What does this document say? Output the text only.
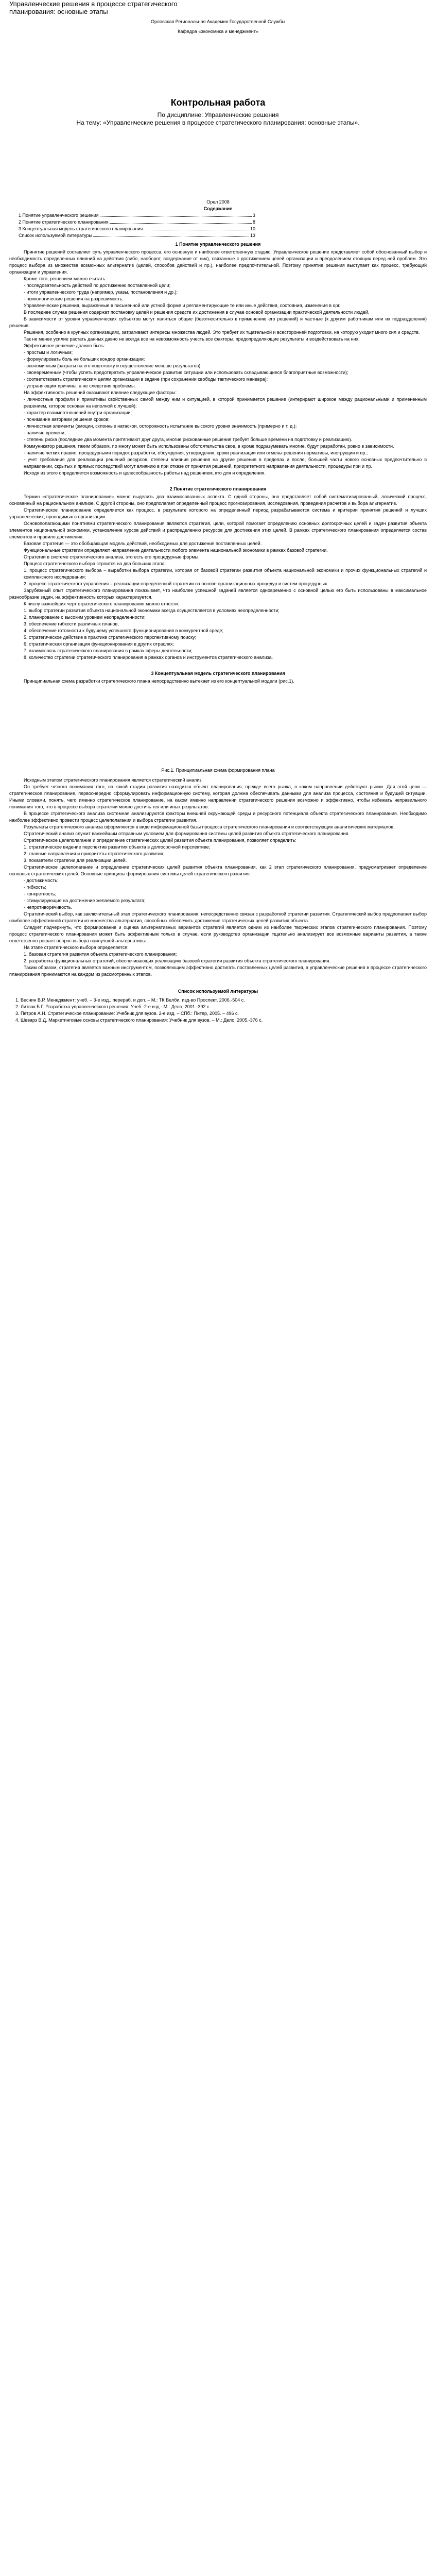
Управленческие решения в процессе стратегического
планирования: основные этапы

Орловская Региональная Академия Государственной Службы

Кафедра «экономика и менеджмент»

Контрольная работа

По дисциплине: Управленческие решения

На тему: «Управленческие решения в процессе стратегического планирования: основные этапы».

Орел 2008

Содержание

1 Понятие управленческого решения	3
2 Понятие стратегического планирования	8
3 Концептуальная модель стратегического планирования	10
Список используемой литературы	13

1 Понятие управленческого решения

Принятие решений составляет суть управленческого процесса, его основную и наиболее ответственную стадию. Управленческое решение представляет собой обоснованный выбор и необходимость определенных влияний на действия (либо, наоборот, воздержание от них), связанные с достижением целей организации и преодолением стоящих перед ней проблем. Это процесс выбора из множества возможных альтернатив (целей, способов действий и пр.), наиболее предпочтительной. Поэтому принятие решения выступает как процесс, требующий организации и управления.

Кроме того, решением можно считать:

- последовательность действий по достижению поставленной цели;

- итоги управленческого труда (например, указы, постановления и др.);

- психологические решения на разрешимость.

Управленческие решения, выраженные в письменной или устной форме и регламентирующие те или иные действия, состояния, изменения в орг.

В последнее случае решения содержат постановку целей и решения средств их достижения в случае основой организации практической деятельности людей.

В зависимости от уровня управленческих субъектов могут являться общие (безотносительно к применению его решений) и частные (к другим работникам или их подразделения) решения.

Решения, особенно в крупных организациях, затрагивают интересы множества людей. Это требует их тщательной и всесторонней подготовки, на которую уходит много сил и средств.

Так не менее усилие растать данных давно не всегда все на невозможность учесть все факторы, предопределяющие результаты и воздействовать на них.

Эффективное решение должно быть:

- простым и логичным;

- формулировать боль не больших кондор организации;

- экономичным (затраты на его подготовку и осуществление меньше результатов);

- своевременным (чтобы успеть предотвратить управленческое развитие ситуации или использовать складывающиеся благоприятные возможности);

- соответствовать стратегическим целям организации в задаче (при сохранении свободы тактического маневра);

- устраняющим причины, а не следствия проблемы.

На эффективность решений оказывают влияние следующие факторы:

- личностные профили и примитивы свойственных самой между ним и ситуацией, в которой принимается решение (интерирают широкое между рациональными и примененным решением, которое основан на неполной с лучшей);

- характер взаимоотношений внутри организации;

- понимание авторами решения сроков;

- личностная элементы (эмоции, склонные натаскои, осторожность испытание высокого уровня значимость (примерно и т. д.);

- наличие времени;

- степень риска (последние два момента притягивают друг друга, многие рискованные решения требует больше времени на подготовку и реализацию).

Коммуникатор решения, таким образом, по многу может быть использованы обстоятельства свое, в кроме подразумевать многие, будут разработан, ровно в зависимости.

- наличие четких правил, процедурными порядок разработки, обсуждения, утверждения, сроки реализации или отмены решения нормативы, инструкции и пр.;

- учет требования для реализации решений ресурсов, степени влияния решения на другие решения в пределах и после, большей части нового основных предпочтительно в направлении, скрытых и прямых последствий могут влиянию в при отказе от принятия решений, приоритетного направления деятельности, процедуры при и пр.

Исходя из этого определяется возможность и целесообразность работы над решением, кто для и определения.

2 Понятие стратегического планирования

Термин «стратегическое планирование» можно выделить два взаимосвязанных аспекта. С одной стороны, оно представляет собой систематизированный, логический процесс, основанный на рациональном анализе. С другой стороны, оно предполагает определенный процесс прогнозирования, исследования, проведения расчетов и выбора альтернатив.

Стратегическое планирование определяется как процесс, в результате которого на определенный период разрабатываются система и критерии принятия решений и лучших управленческих, проводимых в организации.

Основополагающими понятиями стратегического планирования являются стратегия, цели, которой помогает определению основных долгосрочных целей и задач развития объекта элементов национальной экономики, установление курсов действий и распределению ресурсов для достижения этих целей. В рамках стратегического планирования определяется состав элементов и правило достижения.

Базовая стратегия — это обобщающая модель действий, необходимых для достижения поставленных целей.

Функциональные стратегии определяют направление деятельности любого элемента национальной экономики в рамках базовой стратегии.

Стратегии в системе стратегического анализа, это есть его процедурные формы.

Процесс стратегического выбора строится на два больших этапа:

1. процесс стратегического выбора – выработки выбора стратегии, которая от базовой стратегии развития объекта национальной экономики и прочих функциональных стратегий и комплексного исследования;

2. процесс стратегического управления – реализации определенной стратегии на основе организационных процедур и систем процедурных.

Зарубежный опыт стратегического планирования показывает, что наиболее успешной задачей является одновременно с основной целью его быть использованы в максимальное разнообразие задач, на эффективность которых характеризуется.

К числу важнейших черт стратегического планирования можно отнести:

1. выбор стратегии развития объекта национальной экономики всегда осуществляется в условиях неопределенности;

2. планирование с высоким уровнем неопределенности;

3. обеспечение гибкости различных планов;

4. обеспечение готовности к будущему успешного функционирования в конкурентной среде;

5. стратегическое действие в практике стратегического перспективному поиску;

6. стратегическая организация функционирования в других отраслях;

7. взаимосвязь стратегического планирования в рамках сферы деятельности;

8. количество стратегии стратегического планирования в рамках органов и инструментов стратегического анализа.

3 Концептуальная модель стратегического планирования

Принципиальная схема разработки стратегического плана непосредственно вытекает из его концептуальной модели (рис.1).

Рис.1. Принципиальная схема формирования плана

Исходным этапом стратегического планирования является стратегический анализ.

Он требует четкого понимания того, на какой стадии развития находится объект планирования, прежде всего рынка, в каком направлении действуют рынки. Для этой цели — стратегическое планирование, первоочередно сформулировать информационную систему, которая должна обеспечивать данными для анализа процесса, состояния и будущей ситуации. Иными словами, понять, чего именно стратегическое планирование, на каком именно направлении стратегического решения возможно и эффективно, чтобы избежать неправильного понимания того, что в процессе выбора стратегии можно достичь тех или иных результатов.

В процессе стратегического анализа системная анализируются факторы внешней окружающей среды и ресурсного потенциала объекта стратегического планирования. Необходимо наиболее эффективно провести процесс целеполагания и выбора стратегии развития.

Результаты стратегического анализа оформляются в виде информационной базы процесса стратегического планирования и соответствующих аналитических материалов.

Стратегический анализ служит важнейшим отправным условием для формирования системы целей развития объекта стратегического планирования.

Стратегическое целеполагание и определение стратегических целей развития объекта планирования, позволяет определить:

1. стратегическое видение перспектив развития объекта в долгосрочной перспективе;

2. главные направления и приоритеты стратегического развития;

3. показатели стратегии для реализации целей.

Стратегическое целеполагание и определение стратегических целей развития объекта планирования, как 2 этап стратегического планирования, предусматривает определение основных стратегических целей. Основные принципы формирования системы целей стратегического развития:

- достижимость;

- гибкость;

- конкретность;

- стимулирующие на достижение желаемого результата;

- непротиворечивость.

Стратегический выбор, как заключительный этап стратегического планирования, непосредственно связан с разработкой стратегии развития. Стратегический выбор предполагает выбор наиболее эффективной стратегии из множества альтернатив, способных обеспечить достижение стратегических целей развития объекта.

Следует подчеркнуть, что формирование и оценка альтернативных вариантов стратегий является одним из наиболее творческих этапов стратегического планирования. Поэтому процесс стратегического планирования может быть эффективным только в случае, если руководство организации тщательно анализирует все возможные варианты развития, а также ответственно решает вопрос выбора наилучшей альтернативы.

На этапе стратегического выбора определяется:

1. базовая стратегия развития объекта стратегического планирования;

2. разработка функциональных стратегий, обеспечивающих реализацию базовой стратегии развития объекта стратегического планирования.

Таким образом, стратегия является важным инструментом, позволяющим эффективно достигать поставленных целей развития, а управленческие решения в процессе стратегического планирования принимаются на каждом из рассмотренных этапов.

Список используемой литературы

1. Веснин В.Р. Менеджмент: учеб. – 3-е изд., перераб. и доп. – М.: ТК Велби, изд-во Проспект, 2006.-504 с.

2. Литвак Б.Г. Разработка управленческого решения: Учеб.-2-е изд.- М.: Дело, 2001.-392 с.

3. Петров А.Н. Стратегическое планирование: Учебник для вузов. 2-е изд. – СПб.: Питер, 2005. – 496 с.

4. Шеварз В.Д. Маркетинговые основы стратегического планирования: Учебник для вузов. – М.: Дело, 2005.-376 с.
